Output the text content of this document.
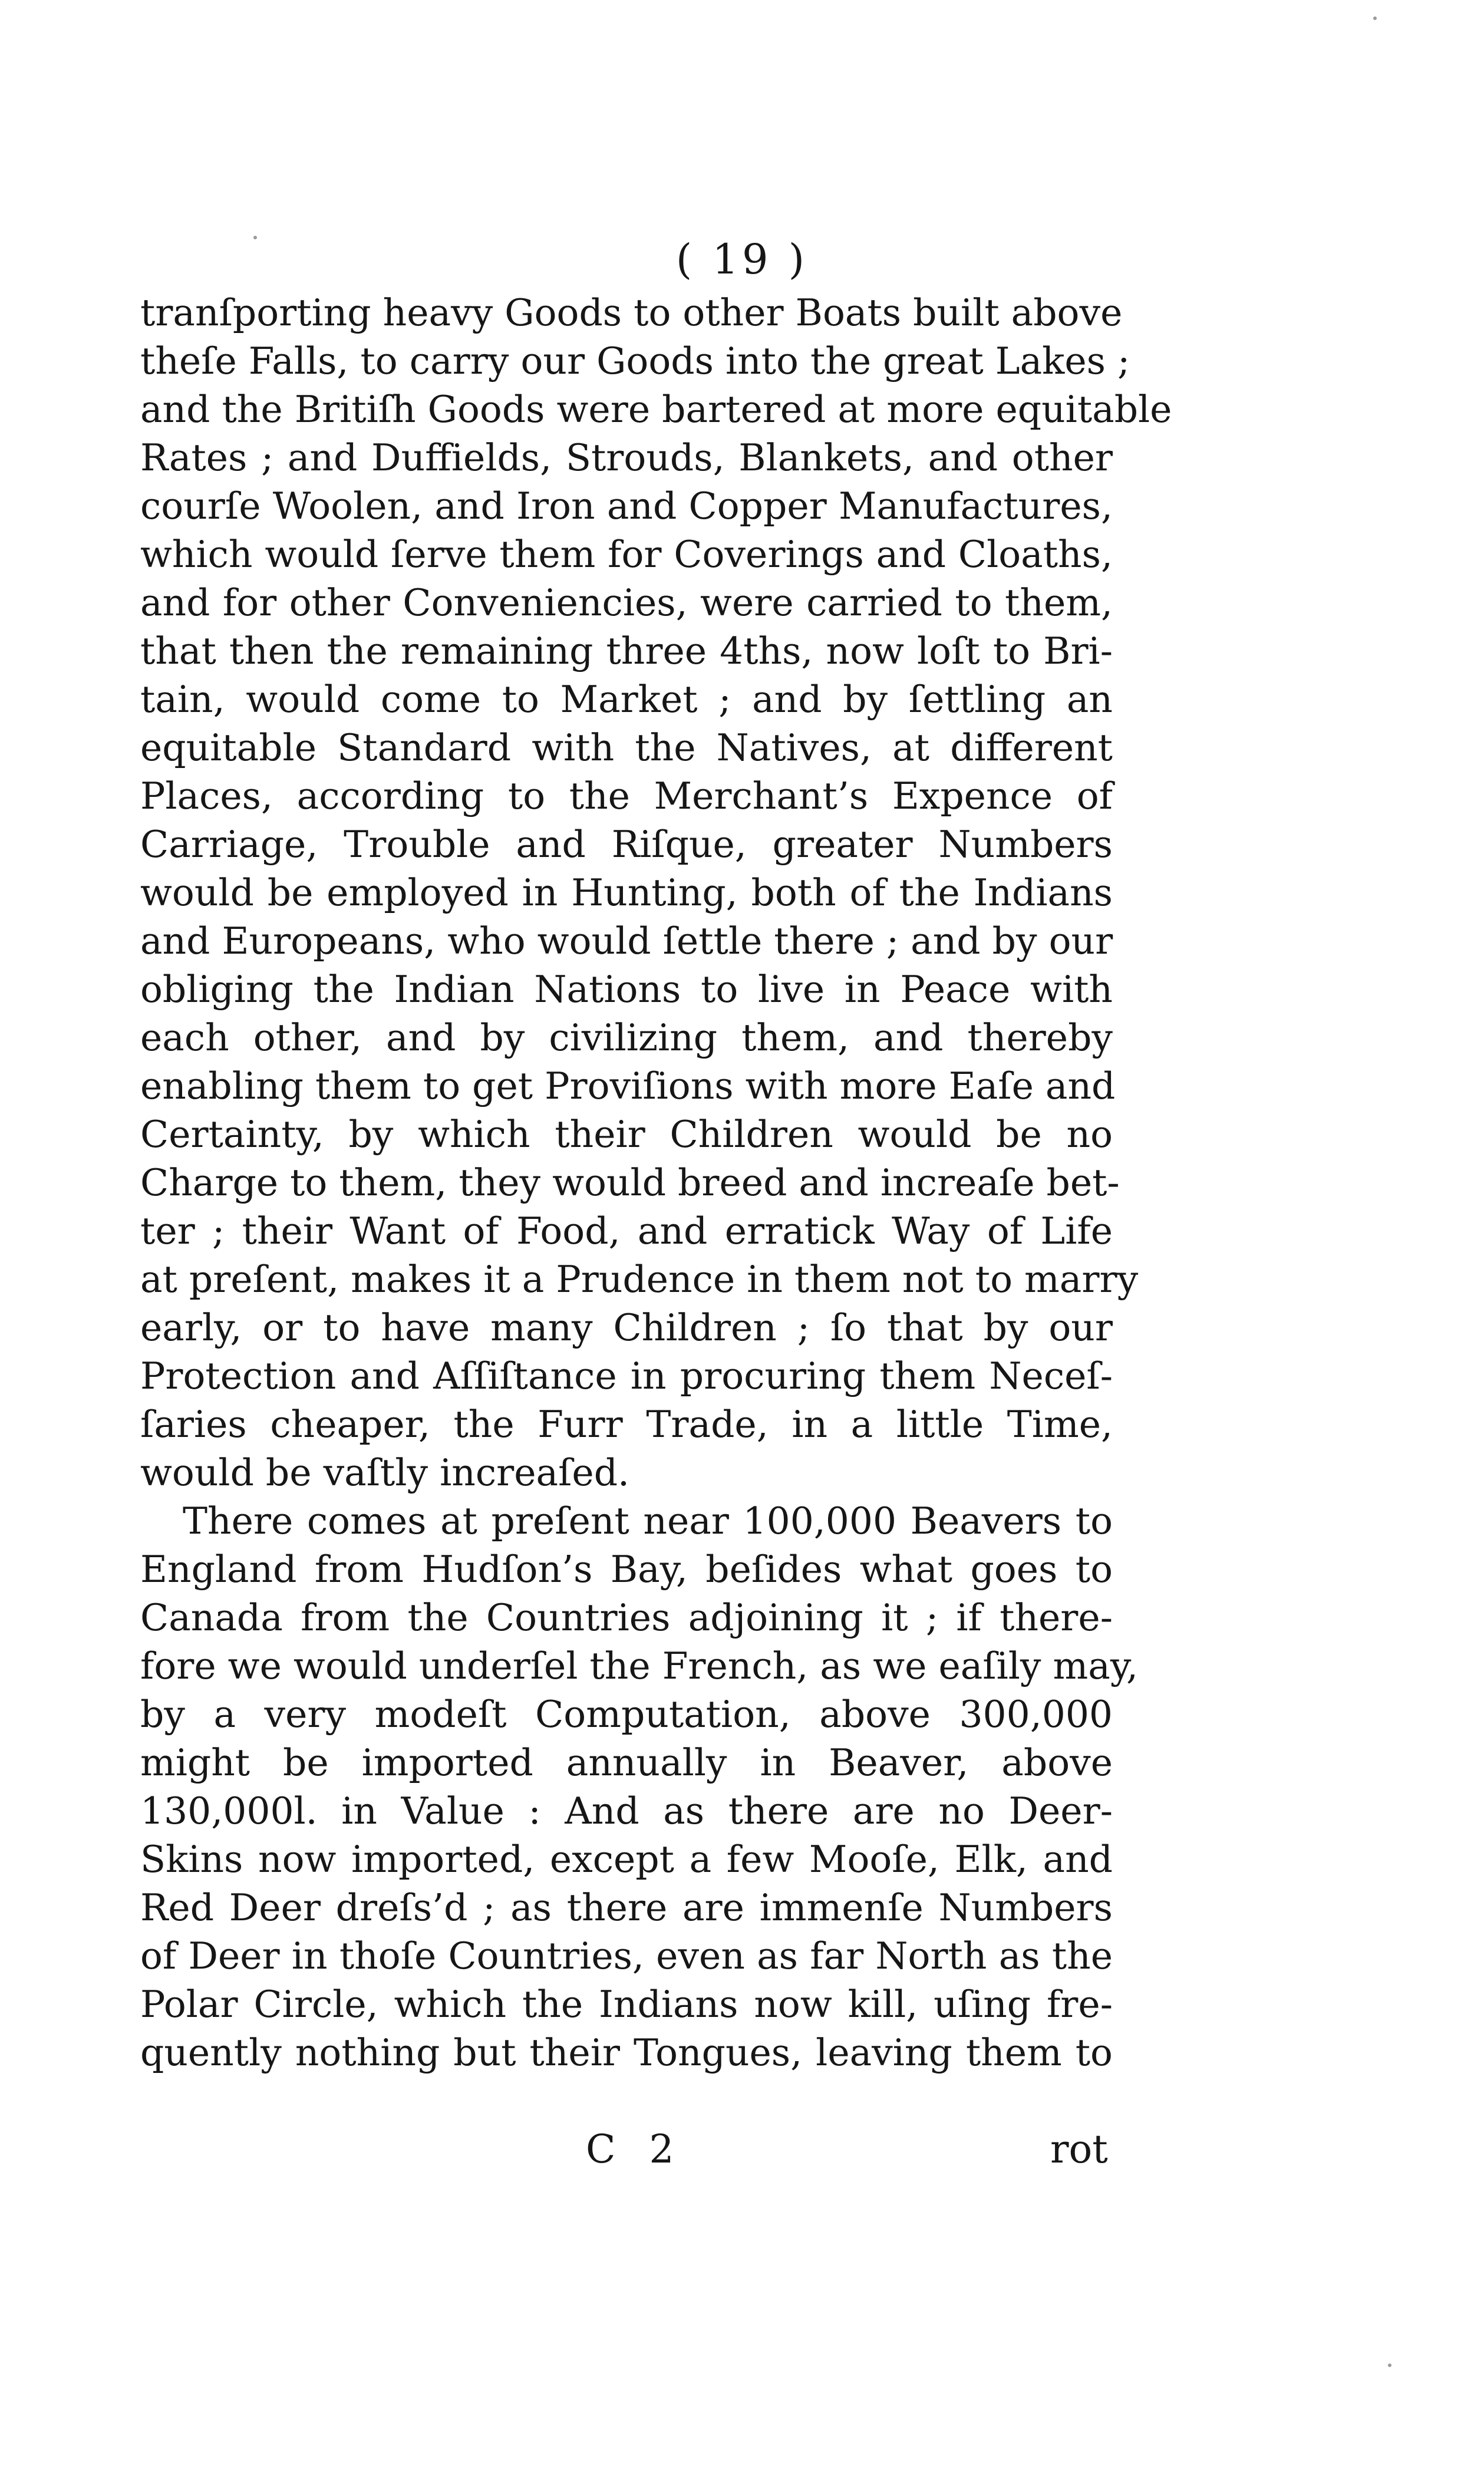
( 19 )
tranſporting heavy Goods to other Boats built above
theſe Falls, to carry our Goods into the great Lakes ;
and the Britiſh Goods were bartered at more equitable
Rates ; and Duffields, Strouds, Blankets, and other
courſe Woolen, and Iron and Copper Manufactures,
which would ſerve them for Coverings and Cloaths,
and for other Conveniencies, were carried to them,
that then the remaining three 4ths, now loſt to Bri-
tain, would come to Market ; and by ſettling an
equitable Standard with the Natives, at different
Places, according to the Merchant’s Expence of
Carriage, Trouble and Riſque, greater Numbers
would be employed in Hunting, both of the Indians
and Europeans, who would ſettle there ; and by our
obliging the Indian Nations to live in Peace with
each other, and by civilizing them, and thereby
enabling them to get Proviſions with more Eaſe and
Certainty, by which their Children would be no
Charge to them, they would breed and increaſe bet-
ter ; their Want of Food, and erratick Way of Life
at preſent, makes it a Prudence in them not to marry
early, or to have many Children ; ſo that by our
Protection and Aſſiſtance in procuring them Neceſ-
ſaries cheaper, the Furr Trade, in a little Time,
would be vaſtly increaſed.
There comes at preſent near 100,000 Beavers to
England from Hudſon’s Bay, beſides what goes to
Canada from the Countries adjoining it ; if there-
fore we would underſel the French, as we eaſily may,
by a very modeſt Computation, above 300,000
might be imported annually in Beaver, above
130,000l. in Value : And as there are no Deer-
Skins now imported, except a few Mooſe, Elk, and
Red Deer dreſs’d ; as there are immenſe Numbers
of Deer in thoſe Countries, even as far North as the
Polar Circle, which the Indians now kill, uſing fre-
quently nothing but their Tongues, leaving them to
C 2	rot
